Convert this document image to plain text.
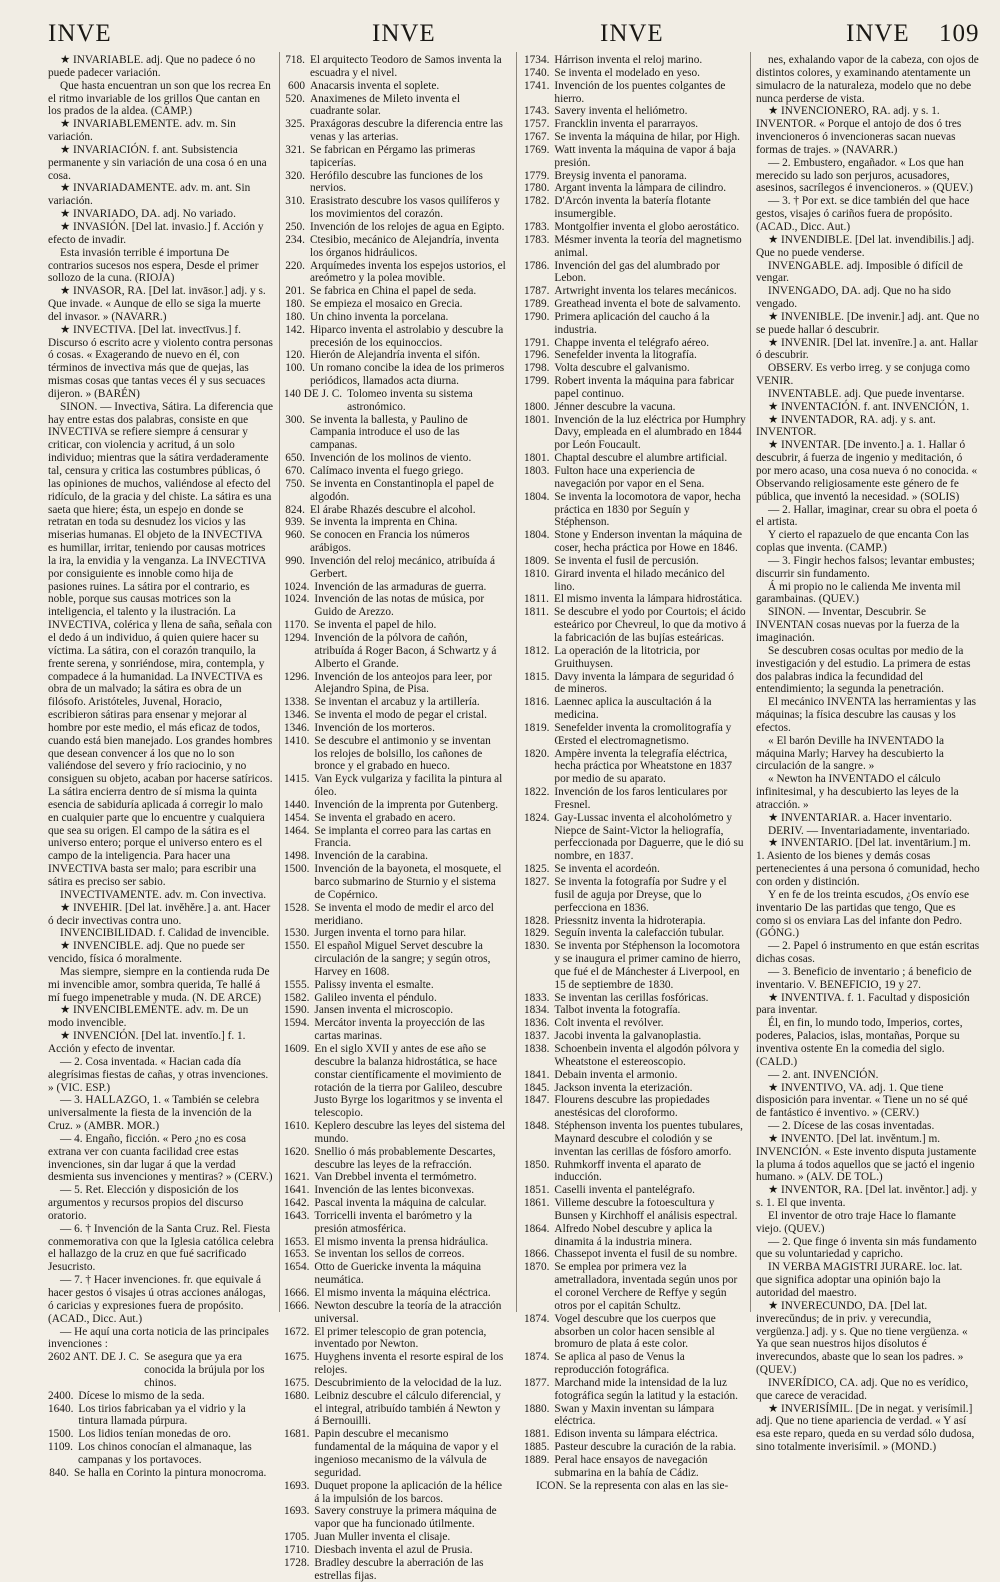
INVE	INVE	INVE	INVE 109

★ INVARIABLE. adj. Que no padece ó no puede padecer variación.

Que hasta encuentran un son que los recrea En el ritmo invariable de los grillos Que cantan en los prados de la aldea. (CAMP.)

★ INVARIABLEMENTE. adv. m. Sin variación.

★ INVARIACIÓN. f. ant. Subsistencia permanente y sin variación de una cosa ó en una cosa.

★ INVARIADAMENTE. adv. m. ant. Sin variación.

★ INVARIADO, DA. adj. No variado.

★ INVASIÓN. [Del lat. invasio.] f. Acción y efecto de invadir.

Esta invasión terrible é importuna De contrarios sucesos nos espera, Desde el primer sollozo de la cuna. (RIOJA)

★ INVASOR, RA. [Del lat. invāsor.] adj. y s. Que invade. « Aunque de ello se siga la muerte del invasor. » (NAVARR.)

★ INVECTIVA. [Del lat. invectīvus.] f. Discurso ó escrito acre y violento contra personas ó cosas. « Exagerando de nuevo en él, con términos de invectiva más que de quejas, las mismas cosas que tantas veces él y sus secuaces dijeron. » (BARÉN)

SINON. — Invectiva, Sátira. La diferencia que hay entre estas dos palabras, consiste en que INVECTIVA se refiere siempre á censurar y criticar, con violencia y acritud, á un solo individuo; mientras que la sátira verdaderamente tal, censura y critica las costumbres públicas, ó las opiniones de muchos, valiéndose al efecto del ridículo, de la gracia y del chiste. La sátira es una saeta que hiere; ésta, un espejo en donde se retratan en toda su desnudez los vicios y las miserias humanas. El objeto de la INVECTIVA es humillar, irritar, teniendo por causas motrices la ira, la envidia y la venganza. La INVECTIVA por consiguiente es innoble como hija de pasiones ruines. La sátira por el contrario, es noble, porque sus causas motrices son la inteligencia, el talento y la ilustración. La INVECTIVA, colérica y llena de saña, señala con el dedo á un individuo, á quien quiere hacer su víctima. La sátira, con el corazón tranquilo, la frente serena, y sonriéndose, mira, contempla, y compadece á la humanidad. La INVECTIVA es obra de un malvado; la sátira es obra de un filósofo. Aristóteles, Juvenal, Horacio, escribieron sátiras para ensenar y mejorar al hombre por este medio, el más eficaz de todos, cuando está bien manejado. Los grandes hombres que desean convencer á los que no lo son valiéndose del severo y frío raciocinio, y no consiguen su objeto, acaban por hacerse satíricos. La sátira encierra dentro de sí misma la quinta esencia de sabiduría aplicada á corregir lo malo en cualquier parte que lo encuentre y cualquiera que sea su origen. El campo de la sátira es el universo entero; porque el universo entero es el campo de la inteligencia. Para hacer una INVECTIVA basta ser malo; para escribir una sátira es preciso ser sabio.

INVECTIVAMENTE. adv. m. Con invectiva.

★ INVEHIR. [Del lat. invĕhĕre.] a. ant. Hacer ó decir invectivas contra uno.

INVENCIBILIDAD. f. Calidad de invencible.

★ INVENCIBLE. adj. Que no puede ser vencido, física ó moralmente.

Mas siempre, siempre en la contienda ruda De mi invencible amor, sombra querida, Te hallé á mí fuego impenetrable y muda. (N. DE ARCE)

★ INVENCIBLEMENTE. adv. m. De un modo invencible.

★ INVENCIÓN. [Del lat. inventĭo.] f. 1. Acción y efecto de inventar.

— 2. Cosa inventada. « Hacian cada día alegrísimas fiestas de cañas, y otras invenciones. » (VIC. ESP.)

— 3. HALLAZGO, 1. « También se celebra universalmente la fiesta de la invención de la Cruz. » (AMBR. MOR.)

— 4. Engaño, ficción. « Pero ¿no es cosa extrana ver con cuanta facilidad cree estas invenciones, sin dar lugar á que la verdad desmienta sus invenciones y mentiras? » (CERV.)

— 5. Ret. Elección y disposición de los argumentos y recursos propios del discurso oratorio.

— 6. † Invención de la Santa Cruz. Rel. Fiesta conmemorativa con que la Iglesia católica celebra el hallazgo de la cruz en que fué sacrificado Jesucristo.

— 7. † Hacer invenciones. fr. que equivale á hacer gestos ó visajes ú otras acciones análogas, ó caricias y expresiones fuera de propósito. (ACAD., Dicc. Aut.)

— He aquí una corta noticia de las principales invenciones :

2602 ANT. DE J. C. Se asegura que ya era conocida la brújula por los chinos.
2400. Dícese lo mismo de la seda.
1640. Los tirios fabricaban ya el vidrio y la tintura llamada púrpura.
1500. Los lidios tenían monedas de oro.
1109. Los chinos conocían el almanaque, las campanas y los portavoces.
840. Se halla en Corinto la pintura monocroma.
718. El arquitecto Teodoro de Samos inventa la escuadra y el nivel.
600 Anacarsis inventa el soplete.
520. Anaximenes de Mileto inventa el cuadrante solar.
325. Praxágoras descubre la diferencia entre las venas y las arterias.
321. Se fabrican en Pérgamo las primeras tapicerías.
320. Herófilo descubre las funciones de los nervios.
310. Erasistrato descubre los vasos quilíferos y los movimientos del corazón.
250. Invención de los relojes de agua en Egipto.
234. Ctesibio, mecánico de Alejandría, inventa los órganos hidráulicos.
220. Arquímedes inventa los espejos ustorios, el areómetro y la polea movible.
201. Se fabrica en China el papel de seda.
180. Se empieza el mosaico en Grecia.
180. Un chino inventa la porcelana.
142. Hiparco inventa el astrolabio y descubre la precesión de los equinoccios.
120. Hierón de Alejandría inventa el sifón.
100. Un romano concibe la idea de los primeros periódicos, llamados acta diurna.
140 DE J. C. Tolomeo inventa su sistema astronómico.
300. Se inventa la ballesta, y Paulino de Campania introduce el uso de las campanas.
650. Invención de los molinos de viento.
670. Calímaco inventa el fuego griego.
750. Se inventa en Constantinopla el papel de algodón.
824. El árabe Rhazés descubre el alcohol.
939. Se inventa la imprenta en China.
960. Se conocen en Francia los números arábigos.
990. Invención del reloj mecánico, atribuída á Gerbert.
1024. Invención de las armaduras de guerra.
1024. Invención de las notas de música, por Guido de Arezzo.
1170. Se inventa el papel de hilo.
1294. Invención de la pólvora de cañón, atribuída á Roger Bacon, á Schwartz y á Alberto el Grande.
1296. Invención de los anteojos para leer, por Alejandro Spina, de Pisa.
1338. Se inventan el arcabuz y la artillería.
1346. Se inventa el modo de pegar el cristal.
1346. Invención de los morteros.
1410. Se descubre el antimonio y se inventan los relojes de bolsillo, los cañones de bronce y el grabado en hueco.
1415. Van Eyck vulgariza y facilita la pintura al óleo.
1440. Invención de la imprenta por Gutenberg.
1454. Se inventa el grabado en acero.
1464. Se implanta el correo para las cartas en Francia.
1498. Invención de la carabina.
1500. Invención de la bayoneta, el mosquete, el barco submarino de Sturnio y el sistema de Copérnico.
1528. Se inventa el modo de medir el arco del meridiano.
1530. Jurgen inventa el torno para hilar.
1550. El español Miguel Servet descubre la circulación de la sangre; y según otros, Harvey en 1608.
1555. Palissy inventa el esmalte.
1582. Galileo inventa el péndulo.
1590. Jansen inventa el microscopio.
1594. Mercátor inventa la proyección de las cartas marinas.
1609. En el siglo XVII y antes de ese año se descubre la balanza hidrostática, se hace constar científicamente el movimiento de rotación de la tierra por Galileo, descubre Justo Byrge los logaritmos y se inventa el telescopio.
1610. Keplero descubre las leyes del sistema del mundo.
1620. Snellio ó más probablemente Descartes, descubre las leyes de la refracción.
1621. Van Drebbel inventa el termómetro.
1641. Invención de las lentes biconvexas.
1642. Pascal inventa la máquina de calcular.
1643. Torricelli inventa el barómetro y la presión atmosférica.
1653. El mismo inventa la prensa hidráulica.
1653. Se inventan los sellos de correos.
1654. Otto de Guericke inventa la máquina neumática.
1666. El mismo inventa la máquina eléctrica.
1666. Newton descubre la teoría de la atracción universal.
1672. El primer telescopio de gran potencia, inventado por Newton.
1675. Huyghens inventa el resorte espiral de los relojes.
1675. Descubrimiento de la velocidad de la luz.
1680. Leibniz descubre el cálculo diferencial, y el integral, atribuído también á Newton y á Bernouilli.
1681. Papin descubre el mecanismo fundamental de la máquina de vapor y el ingenioso mecanismo de la válvula de seguridad.
1693. Duquet propone la aplicación de la hélice á la impulsión de los barcos.
1693. Savery construye la primera máquina de vapor que ha funcionado útilmente.
1705. Juan Muller inventa el clisaje.
1710. Diesbach inventa el azul de Prusia.
1728. Bradley descubre la aberración de las estrellas fijas.
1734. Hárrison inventa el reloj marino.
1740. Se inventa el modelado en yeso.
1741. Invención de los puentes colgantes de hierro.
1743. Savery inventa el heliómetro.
1757. Francklin inventa el pararrayos.
1767. Se inventa la máquina de hilar, por High.
1769. Watt inventa la máquina de vapor á baja presión.
1779. Breysig inventa el panorama.
1780. Argant inventa la lámpara de cilindro.
1782. D'Arcón inventa la batería flotante insumergible.
1783. Montgolfier inventa el globo aerostático.
1783. Mésmer inventa la teoría del magnetismo animal.
1786. Invención del gas del alumbrado por Lebon.
1787. Artwright inventa los telares mecánicos.
1789. Greathead inventa el bote de salvamento.
1790. Primera aplicación del caucho á la industria.
1791. Chappe inventa el telégrafo aéreo.
1796. Senefelder inventa la litografía.
1798. Volta descubre el galvanismo.
1799. Robert inventa la máquina para fabricar papel continuo.
1800. Jénner descubre la vacuna.
1801. Invención de la luz eléctrica por Humphry Davy, empleada en el alumbrado en 1844 por León Foucault.
1801. Chaptal descubre el alumbre artificial.
1803. Fulton hace una experiencia de navegación por vapor en el Sena.
1804. Se inventa la locomotora de vapor, hecha práctica en 1830 por Seguín y Stéphenson.
1804. Stone y Enderson inventan la máquina de coser, hecha práctica por Howe en 1846.
1809. Se inventa el fusil de percusión.
1810. Girard inventa el hilado mecánico del lino.
1811. El mismo inventa la lámpara hidrostática.
1811. Se descubre el yodo por Courtois; el ácido esteárico por Chevreul, lo que da motivo á la fabricación de las bujías esteáricas.
1812. La operación de la litotricia, por Gruithuysen.
1815. Davy inventa la lámpara de seguridad ó de mineros.
1816. Laennec aplica la auscultación á la medicina.
1819. Senefelder inventa la cromolitografía y Œrsted el electromagnetismo.
1820. Ampère inventa la telegrafía eléctrica, hecha práctica por Wheatstone en 1837 por medio de su aparato.
1822. Invención de los faros lenticulares por Fresnel.
1824. Gay-Lussac inventa el alcoholómetro y Niepce de Saint-Victor la heliografía, perfeccionada por Daguerre, que le dió su nombre, en 1837.
1825. Se inventa el acordeón.
1827. Se inventa la fotografía por Sudre y el fusil de aguja por Dreyse, que lo perfecciona en 1836.
1828. Priessnitz inventa la hidroterapia.
1829. Seguín inventa la calefacción tubular.
1830. Se inventa por Stéphenson la locomotora y se inaugura el primer camino de hierro, que fué el de Mánchester á Liverpool, en 15 de septiembre de 1830.
1833. Se inventan las cerillas fosfóricas.
1834. Talbot inventa la fotografía.
1836. Colt inventa el revólver.
1837. Jacobi inventa la galvanoplastia.
1838. Schoenbein inventa el algodón pólvora y Wheatstone el estereoscopio.
1841. Debain inventa el armonio.
1845. Jackson inventa la eterización.
1847. Flourens descubre las propiedades anestésicas del cloroformo.
1848. Stéphenson inventa los puentes tubulares, Maynard descubre el colodión y se inventan las cerillas de fósforo amorfo.
1850. Ruhmkorff inventa el aparato de inducción.
1851. Caselli inventa el pantelégrafo.
1861. Villeme descubre la fotoescultura y Bunsen y Kirchhoff el análisis espectral.
1864. Alfredo Nobel descubre y aplica la dinamita á la industria minera.
1866. Chassepot inventa el fusil de su nombre.
1870. Se emplea por primera vez la ametralladora, inventada según unos por el coronel Verchere de Reffye y según otros por el capitán Schultz.
1874. Vogel descubre que los cuerpos que absorben un color hacen sensible al bromuro de plata á este color.
1874. Se aplica al paso de Venus la reproducción fotográfica.
1877. Marchand mide la intensidad de la luz fotográfica según la latitud y la estación.
1880. Swan y Maxin inventan su lámpara eléctrica.
1881. Edison inventa su lámpara eléctrica.
1885. Pasteur descubre la curación de la rabia.
1889. Peral hace ensayos de navegación submarina en la bahía de Cádiz.

ICON. Se la representa con alas en las sie-

nes, exhalando vapor de la cabeza, con ojos de distintos colores, y examinando atentamente un simulacro de la naturaleza, modelo que no debe nunca perderse de vista.

★ INVENCIONERO, RA. adj. y s. 1. INVENTOR. « Porque el antojo de dos ó tres invencioneros ó invencioneras sacan nuevas formas de trajes. » (NAVARR.)

— 2. Embustero, engañador. « Los que han merecido su lado son perjuros, acusadores, asesinos, sacrílegos é invencioneros. » (QUEV.)

— 3. † Por ext. se dice también del que hace gestos, visajes ó cariños fuera de propósito. (ACAD., Dicc. Aut.)

★ INVENDIBLE. [Del lat. invendibilis.] adj. Que no puede venderse.

INVENGABLE. adj. Imposible ó difícil de vengar.

INVENGADO, DA. adj. Que no ha sido vengado.

★ INVENIBLE. [De invenir.] adj. ant. Que no se puede hallar ó descubrir.

★ INVENIR. [Del lat. invenīre.] a. ant. Hallar ó descubrir.

OBSERV. Es verbo irreg. y se conjuga como VENIR.

INVENTABLE. adj. Que puede inventarse.

★ INVENTACIÓN. f. ant. INVENCIÓN, 1.

★ INVENTADOR, RA. adj. y s. ant. INVENTOR.

★ INVENTAR. [De invento.] a. 1. Hallar ó descubrir, á fuerza de ingenio y meditación, ó por mero acaso, una cosa nueva ó no conocida. « Observando religiosamente este género de fe pública, que inventó la necesidad. » (SOLIS)

— 2. Hallar, imaginar, crear su obra el poeta ó el artista.

Y cierto el rapazuelo de que encanta Con las coplas que inventa. (CAMP.)

— 3. Fingir hechos falsos; levantar embustes; discurrir sin fundamento.

Á mi propio no le calienda Me inventa mil garambainas. (QUEV.)

SINON. — Inventar, Descubrir. Se INVENTAN cosas nuevas por la fuerza de la imaginación.

Se descubren cosas ocultas por medio de la investigación y del estudio. La primera de estas dos palabras indica la fecundidad del entendimiento; la segunda la penetración.

El mecánico INVENTA las herramientas y las máquinas; la física descubre las causas y los efectos.

« El barón Deville ha INVENTADO la máquina Marly; Harvey ha descubierto la circulación de la sangre. »

« Newton ha INVENTADO el cálculo infinitesimal, y ha descubierto las leyes de la atracción. »

★ INVENTARIAR. a. Hacer inventario.

DERIV. — Inventariadamente, inventariado.

★ INVENTARIO. [Del lat. inventārium.] m. 1. Asiento de los bienes y demás cosas pertenecientes á una persona ó comunidad, hecho con orden y distinción.

Y en fe de los treinta escudos, ¿Os envío ese inventario De las partidas que tengo, Que es como si os enviara Las del infante don Pedro. (GÓNG.)

— 2. Papel ó instrumento en que están escritas dichas cosas.

— 3. Beneficio de inventario ; á beneficio de inventario. V. BENEFICIO, 19 y 27.

★ INVENTIVA. f. 1. Facultad y disposición para inventar.

Él, en fin, lo mundo todo, Imperios, cortes, poderes, Palacios, islas, montañas, Porque su inventiva ostente En la comedia del siglo. (CALD.)

— 2. ant. INVENCIÓN.

★ INVENTIVO, VA. adj. 1. Que tiene disposición para inventar. « Tiene un no sé qué de fantástico é inventivo. » (CERV.)

— 2. Dícese de las cosas inventadas.

★ INVENTO. [Del lat. invĕntum.] m. INVENCIÓN. « Este invento disputa justamente la pluma á todos aquellos que se jactó el ingenio humano. » (ALV. DE TOL.)

★ INVENTOR, RA. [Del lat. invĕntor.] adj. y s. 1. El que inventa.

El inventor de otro traje Hace lo flamante viejo. (QUEV.)

— 2. Que finge ó inventa sin más fundamento que su voluntariedad y capricho.

IN VERBA MAGISTRI JURARE. loc. lat. que significa adoptar una opinión bajo la autoridad del maestro.

★ INVERECUNDO, DA. [Del lat. inverecŭndus; de in priv. y verecundia, vergüenza.] adj. y s. Que no tiene vergüenza. « Ya que sean nuestros hijos dísolutos é inverecundos, abaste que lo sean los padres. » (QUEV.)

INVERÍDICO, CA. adj. Que no es verídico, que carece de veracidad.

★ INVERISÍMIL. [De in negat. y verisímil.] adj. Que no tiene apariencia de verdad. « Y así esa este reparo, queda en su verdad sólo dudosa, sino totalmente inverisímil. » (MOND.)
